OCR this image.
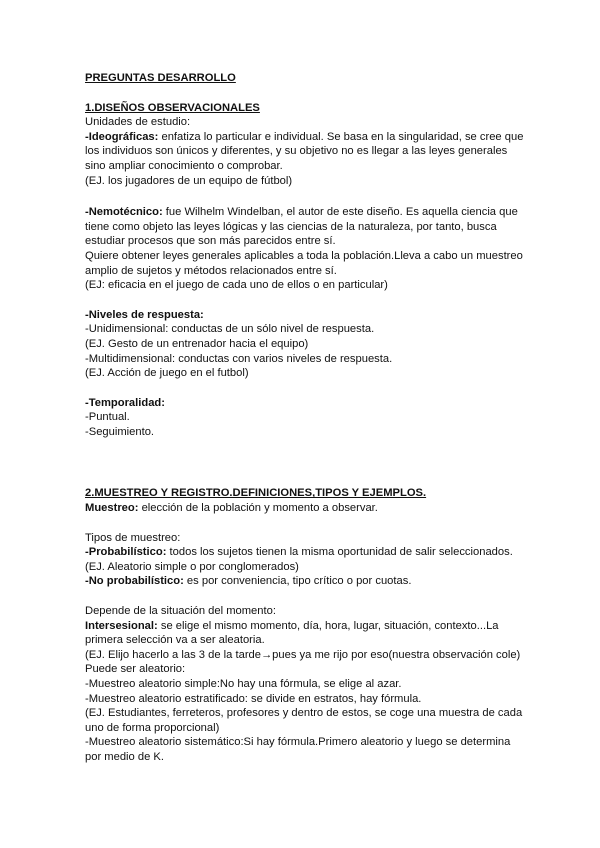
PREGUNTAS DESARROLLO
1.DISEÑOS OBSERVACIONALES
Unidades de estudio:
-Ideográficas: enfatiza lo particular e individual. Se basa en la singularidad, se cree que los individuos son únicos y diferentes, y su objetivo no es llegar a las leyes generales sino ampliar conocimiento o comprobar.
(EJ. los jugadores de un equipo de fútbol)
-Nemotécnico: fue Wilhelm Windelban, el autor de este diseño. Es aquella ciencia que tiene como objeto las leyes lógicas y las ciencias de la naturaleza, por tanto, busca estudiar procesos que son más parecidos entre sí.
Quiere obtener leyes generales aplicables a toda la población.Lleva a cabo un muestreo amplio de sujetos y métodos relacionados entre sí.
(EJ: eficacia en el juego de cada uno de ellos o en particular)
-Niveles de respuesta:
-Unidimensional: conductas de un sólo nivel de respuesta.
(EJ. Gesto de un entrenador hacia el equipo)
-Multidimensional: conductas con varios niveles de respuesta.
(EJ. Acción de juego en el futbol)
-Temporalidad:
-Puntual.
-Seguimiento.
2.MUESTREO Y REGISTRO.DEFINICIONES,TIPOS Y EJEMPLOS.
Muestreo: elección de la población y momento a observar.
Tipos de muestreo:
-Probabilístico: todos los sujetos tienen la misma oportunidad de salir seleccionados.
(EJ. Aleatorio simple o por conglomerados)
-No probabilístico: es por conveniencia, tipo crítico o por cuotas.
Depende de la situación del momento:
Intersesional: se elige el mismo momento, día, hora, lugar, situación, contexto...La primera selección va a ser aleatoria.
(EJ. Elijo hacerlo a las 3 de la tarde→pues ya me rijo por eso(nuestra observación cole)
Puede ser aleatorio:
-Muestreo aleatorio simple:No hay una fórmula, se elige al azar.
-Muestreo aleatorio estratificado: se divide en estratos, hay fórmula.
(EJ. Estudiantes, ferreteros, profesores y dentro de estos, se coge una muestra de cada uno de forma proporcional)
-Muestreo aleatorio sistemático:Si hay fórmula.Primero aleatorio y luego se determina por medio de K.
